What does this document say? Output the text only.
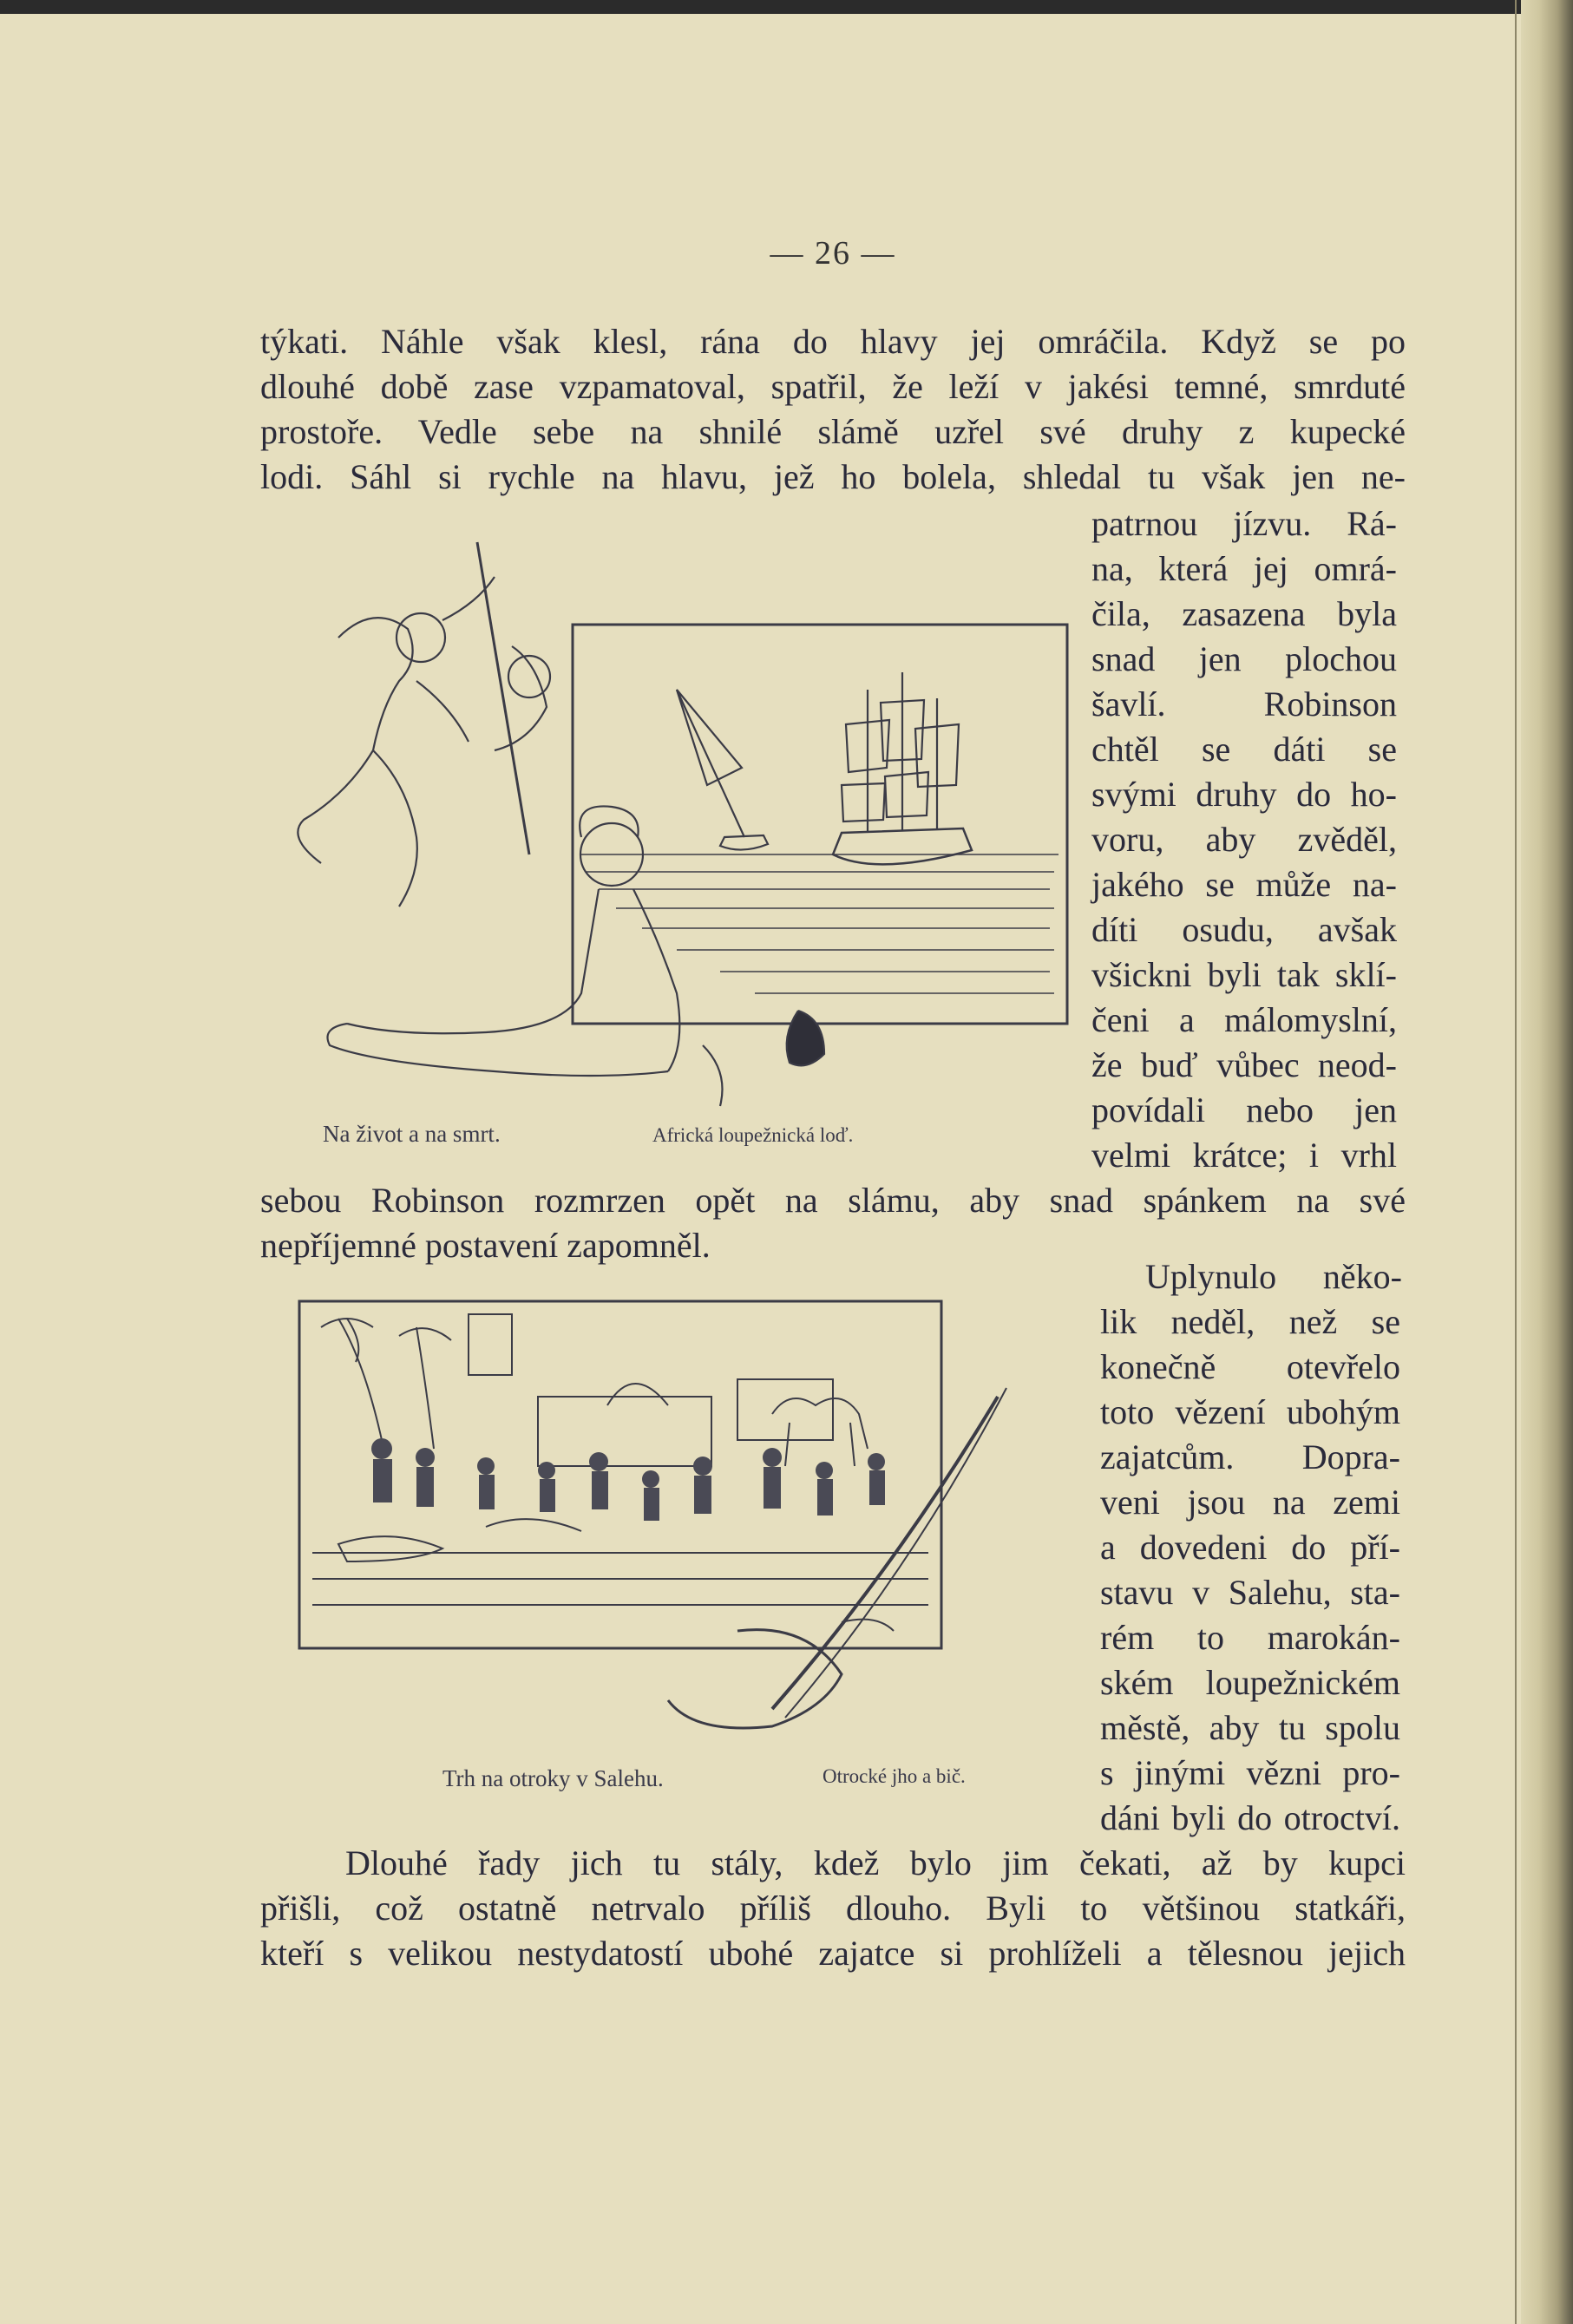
— 26 —
týkati. Náhle však klesl, rána do hlavy jej omráčila. Když se po
dlouhé době zase vzpamatoval, spatřil, že leží v jakési temné, smrduté
prostoře. Vedle sebe na shnilé slámě uzřel své druhy z kupecké
lodi. Sáhl si rychle na hlavu, jež ho bolela, shledal tu však jen ne-
patrnou jízvu. Rá-
na, která jej omrá-
čila, zasazena byla
snad jen plochou
šavlí. Robinson
chtěl se dáti se
svými druhy do ho-
voru, aby zvěděl,
jakého se může na-
díti osudu, avšak
všickni byli tak sklí-
čeni a málomyslní,
že buď vůbec neod-
povídali nebo jen
velmi krátce; i vrhl
Na život a na smrt.	Africká loupežnická loď.
sebou Robinson rozmrzen opět na slámu, aby snad spánkem na své
nepříjemné postavení zapomněl.
Uplynulo něko-
lik neděl, než se
konečně otevřelo
toto vězení ubohým
zajatcům. Dopra-
veni jsou na zemi
a dovedeni do pří-
stavu v Salehu, sta-
rém to marokán-
ském loupežnickém
městě, aby tu spolu
s jinými vězni pro-
dáni byli do otroctví.
Trh na otroky v Salehu.	Otrocké jho a bič.
Dlouhé řady jich tu stály, kdež bylo jim čekati, až by kupci
přišli, což ostatně netrvalo příliš dlouho. Byli to většinou statkáři,
kteří s velikou nestydatostí ubohé zajatce si prohlíželi a tělesnou jejich
